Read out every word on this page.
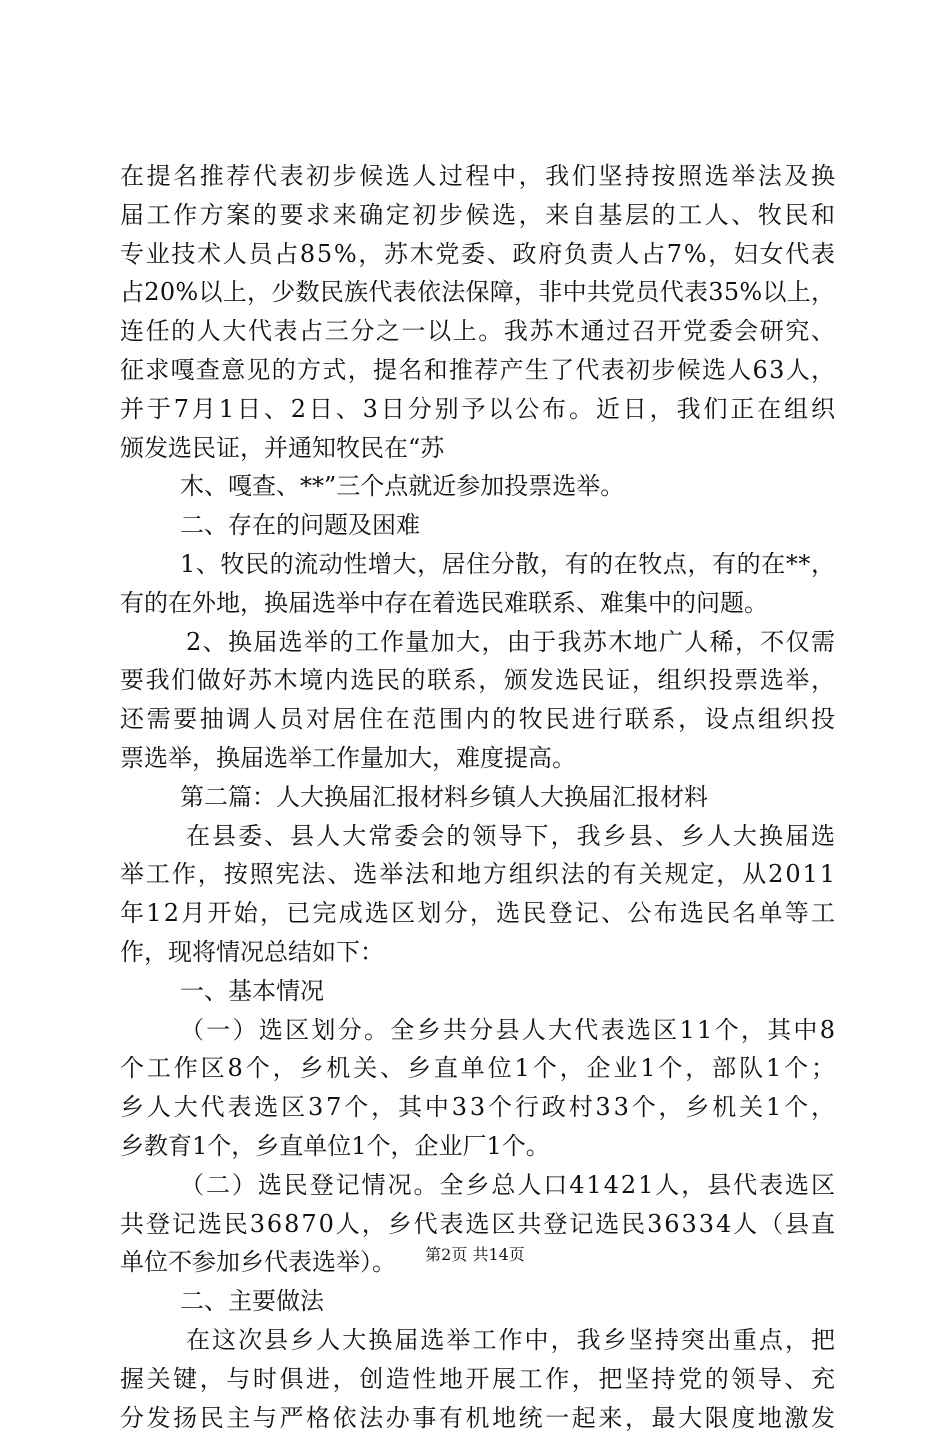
在提名推荐代表初步候选人过程中，我们坚持按照选举法及换
届工作方案的要求来确定初步候选，来自基层的工人、牧民和
专业技术人员占85%，苏木党委、政府负责人占7%，妇女代表
占20%以上，少数民族代表依法保障，非中共党员代表35%以上，
连任的人大代表占三分之一以上。我苏木通过召开党委会研究、
征求嘎查意见的方式，提名和推荐产生了代表初步候选人63人，
并于7月1日、2日、3日分别予以公布。近日，我们正在组织
颁发选民证，并通知牧民在“苏
木、嘎查、**”三个点就近参加投票选举。
二、存在的问题及困难
1、牧民的流动性增大，居住分散，有的在牧点，有的在**，
有的在外地，换届选举中存在着选民难联系、难集中的问题。
2、换届选举的工作量加大，由于我苏木地广人稀，不仅需
要我们做好苏木境内选民的联系，颁发选民证，组织投票选举，
还需要抽调人员对居住在范围内的牧民进行联系，设点组织投
票选举，换届选举工作量加大，难度提高。
第二篇：人大换届汇报材料乡镇人大换届汇报材料
在县委、县人大常委会的领导下，我乡县、乡人大换届选
举工作，按照宪法、选举法和地方组织法的有关规定，从2011
年12月开始，已完成选区划分，选民登记、公布选民名单等工
作，现将情况总结如下：
一、基本情况
（一）选区划分。全乡共分县人大代表选区11个，其中8
个工作区8个，乡机关、乡直单位1个，企业1个，部队1个；
乡人大代表选区37个，其中33个行政村33个，乡机关1个，
乡教育1个，乡直单位1个，企业厂1个。
（二）选民登记情况。全乡总人口41421人，县代表选区
共登记选民36870人，乡代表选区共登记选民36334人（县直
单位不参加乡代表选举）。
二、主要做法
在这次县乡人大换届选举工作中，我乡坚持突出重点，把
握关键，与时俱进，创造性地开展工作，把坚持党的领导、充
分发扬民主与严格依法办事有机地统一起来，最大限度地激发
第2页 共14页
